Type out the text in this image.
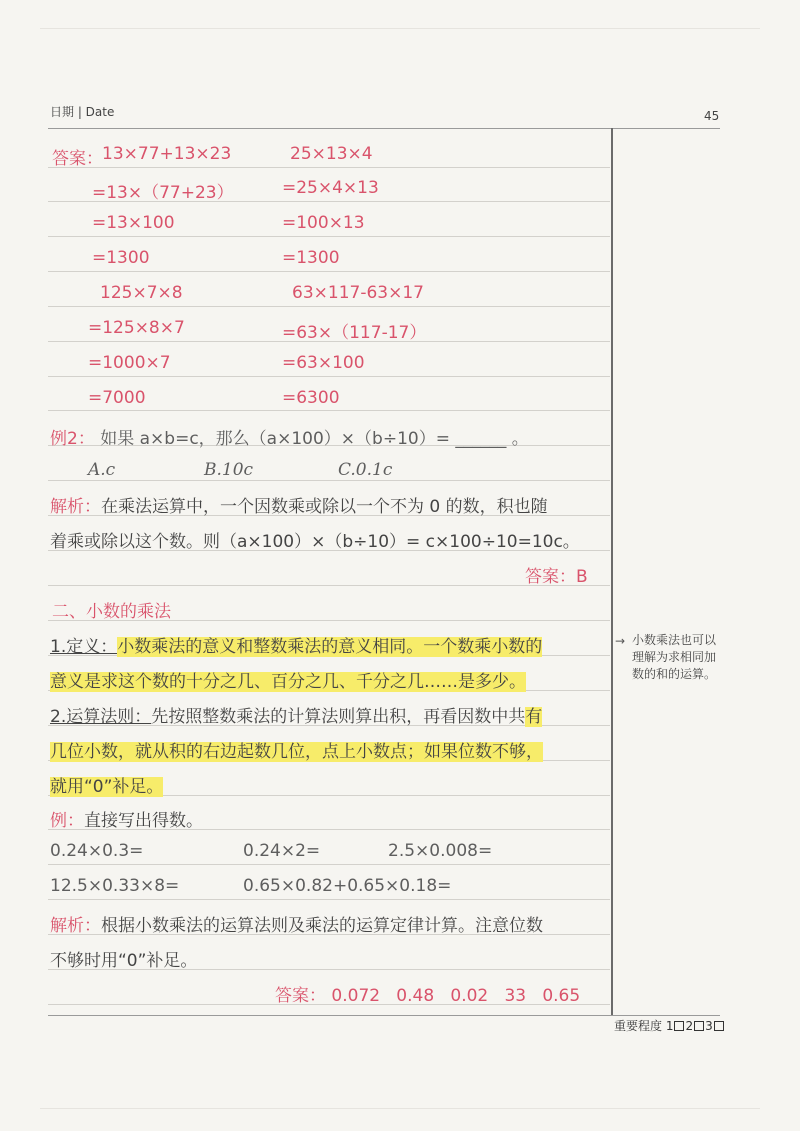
日期 | Date	45
答案： 13×77+13×23
=13×（77+23）
=13×100
=1300
125×7×8
=125×8×7
=1000×7
=7000
25×13×4
=25×4×13
=100×13
=1300
63×117-63×17
=63×（117-17）
=63×100
=6300
例2： 如果 a×b=c，那么（a×100）×（b÷10）= ______ 。
A.c	B.10c	C.0.1c
解析：在乘法运算中，一个因数乘或除以一个不为 0 的数，积也随
着乘或除以这个数。则（a×100）×（b÷10）= c×100÷10=10c。
答案：B
二、小数的乘法
1.定义：小数乘法的意义和整数乘法的意义相同。一个数乘小数的
意义是求这个数的十分之几、百分之几、千分之几……是多少。
2.运算法则：先按照整数乘法的计算法则算出积，再看因数中共有
几位小数，就从积的右边起数几位，点上小数点；如果位数不够，
就用“0”补足。
例：直接写出得数。
0.24×0.3=	0.24×2=	2.5×0.008=
12.5×0.33×8=	0.65×0.82+0.65×0.18=
解析：根据小数乘法的运算法则及乘法的运算定律计算。注意位数
不够时用“0”补足。
答案： 0.072 0.48 0.02 33 0.65
→ 小数乘法也可以理解为求相同加数的和的运算。
重要程度 1 2 3
